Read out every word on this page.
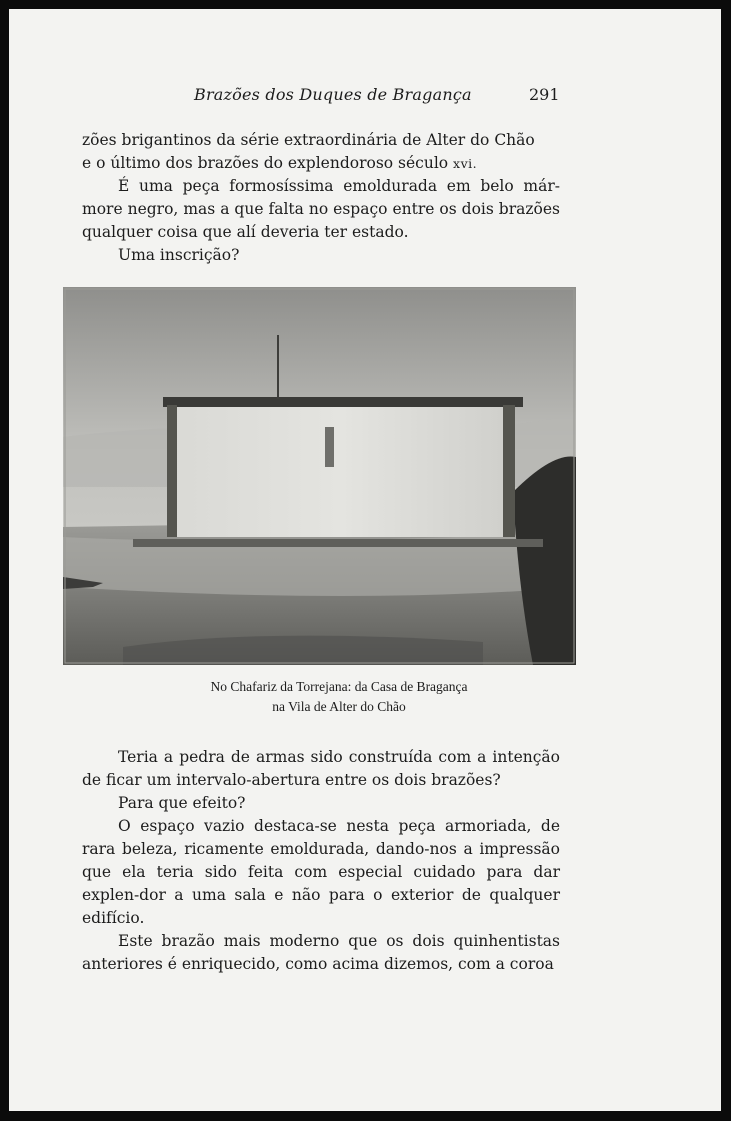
Brazões dos Duques de Bragança	291

zões brigantinos da série extraordinária de Alter do Chão
e o último dos brazões do explendoroso século xvi.

É uma peça formosíssima emoldurada em belo már-more negro, mas a que falta no espaço entre os dois brazões qualquer coisa que alí deveria ter estado.

Uma inscrição?

No Chafariz da Torrejana: da Casa de Bragança
na Vila de Alter do Chão

Teria a pedra de armas sido construída com a intenção de ficar um intervalo-abertura entre os dois brazões?

Para que efeito?

O espaço vazio destaca-se nesta peça armoriada, de rara beleza, ricamente emoldurada, dando-nos a impressão que ela teria sido feita com especial cuidado para dar explen-dor a uma sala e não para o exterior de qualquer edifício.

Este brazão mais moderno que os dois quinhentistas anteriores é enriquecido, como acima dizemos, com a coroa
